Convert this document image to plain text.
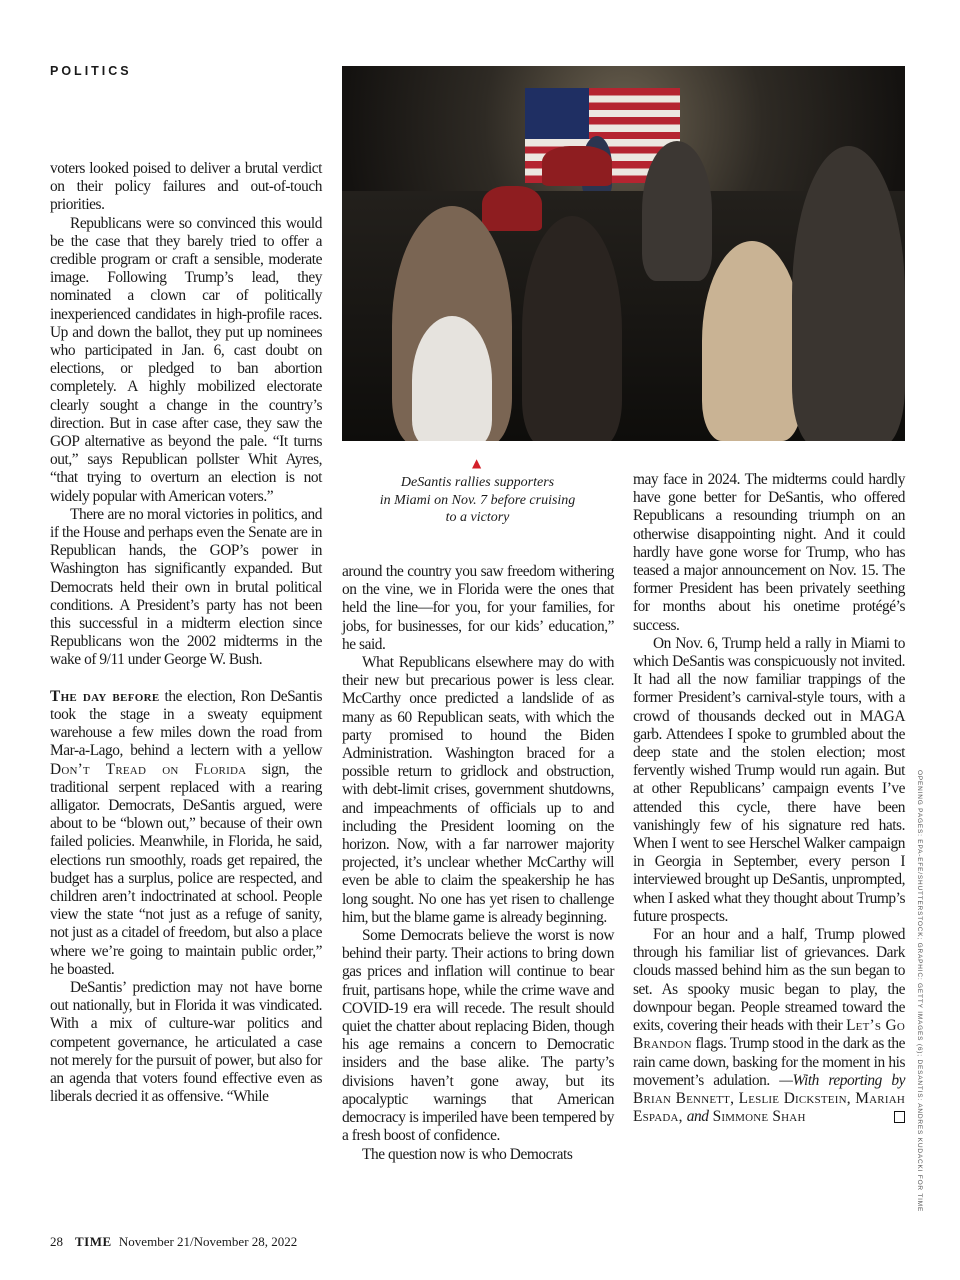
POLITICS
▲
DeSantis rallies supporters
in Miami on Nov. 7 before cruising
to a victory

voters looked poised to deliver a brutal verdict on their policy failures and out-of-touch priorities.

Republicans were so convinced this would be the case that they barely tried to offer a credible program or craft a sensible, moderate image. Following Trump’s lead, they nominated a clown car of politically inexperienced candidates in high-profile races. Up and down the ballot, they put up nominees who participated in Jan. 6, cast doubt on elections, or pledged to ban abortion completely. A highly mobilized electorate clearly sought a change in the country’s direction. But in case after case, they saw the GOP alternative as beyond the pale. “It turns out,” says Republican pollster Whit Ayres, “that trying to overturn an election is not widely popular with American voters.”

There are no moral victories in politics, and if the House and perhaps even the Senate are in Republican hands, the GOP’s power in Washington has significantly expanded. But Democrats held their own in brutal political conditions. A President’s party has not been this successful in a midterm election since Republicans won the 2002 midterms in the wake of 9/11 under George W. Bush.

The day before the election, Ron DeSantis took the stage in a sweaty equipment warehouse a few miles down the road from Mar-a-Lago, behind a lectern with a yellow Don’t Tread on Florida sign, the traditional serpent replaced with a rearing alligator. Democrats, DeSantis argued, were about to be “blown out,” because of their own failed policies. Meanwhile, in Florida, he said, elections run smoothly, roads get repaired, the budget has a surplus, police are respected, and children aren’t indoctrinated at school. People view the state “not just as a refuge of sanity, not just as a citadel of freedom, but also a place where we’re going to maintain public order,” he boasted.

DeSantis’ prediction may not have borne out nationally, but in Florida it was vindicated. With a mix of culture-war politics and competent governance, he articulated a case not merely for the pursuit of power, but also for an agenda that voters found effective even as liberals decried it as offensive. “While

around the country you saw freedom withering on the vine, we in Florida were the ones that held the line—for you, for your families, for jobs, for businesses, for our kids’ education,” he said.

What Republicans elsewhere may do with their new but precarious power is less clear. McCarthy once predicted a landslide of as many as 60 Republican seats, with which the party promised to hound the Biden Administration. Washington braced for a possible return to gridlock and obstruction, with debt-limit crises, government shutdowns, and impeachments of officials up to and including the President looming on the horizon. Now, with a far narrower majority projected, it’s unclear whether McCarthy will even be able to claim the speakership he has long sought. No one has yet risen to challenge him, but the blame game is already beginning.

Some Democrats believe the worst is now behind their party. Their actions to bring down gas prices and inflation will continue to bear fruit, partisans hope, while the crime wave and COVID-19 era will recede. The result should quiet the chatter about replacing Biden, though his age remains a concern to Democratic insiders and the base alike. The party’s divisions haven’t gone away, but its apocalyptic warnings that American democracy is imperiled have been tempered by a fresh boost of confidence.

The question now is who Democrats

may face in 2024. The midterms could hardly have gone better for DeSantis, who offered Republicans a resounding triumph on an otherwise disappointing night. And it could hardly have gone worse for Trump, who has teased a major announcement on Nov. 15. The former President has been privately seething for months about his onetime protégé’s success.

On Nov. 6, Trump held a rally in Miami to which DeSantis was conspicuously not invited. It had all the now familiar trappings of the former President’s carnival-style tours, with a crowd of thousands decked out in MAGA garb. Attendees I spoke to grumbled about the deep state and the stolen election; most fervently wished Trump would run again. But at other Republicans’ campaign events I’ve attended this cycle, there have been vanishingly few of his signature red hats. When I went to see Herschel Walker campaign in Georgia in September, every person I interviewed brought up DeSantis, unprompted, when I asked what they thought about Trump’s future prospects.

For an hour and a half, Trump plowed through his familiar list of grievances. Dark clouds massed behind him as the sun began to set. As spooky music began to play, the downpour began. People streamed toward the exits, covering their heads with their Let’s Go Brandon flags. Trump stood in the dark as the rain came down, basking for the moment in his movement’s adulation. —With reporting by Brian Bennett, Leslie Dickstein, Mariah Espada, and Simmone Shah	OPENING PAGES: EPA-EFE/SHUTTERSTOCK; GRAPHIC: GETTY IMAGES (6); DESANTIS: ANDRES KUDACKI FOR TIME
28 TIME November 21/November 28, 2022
